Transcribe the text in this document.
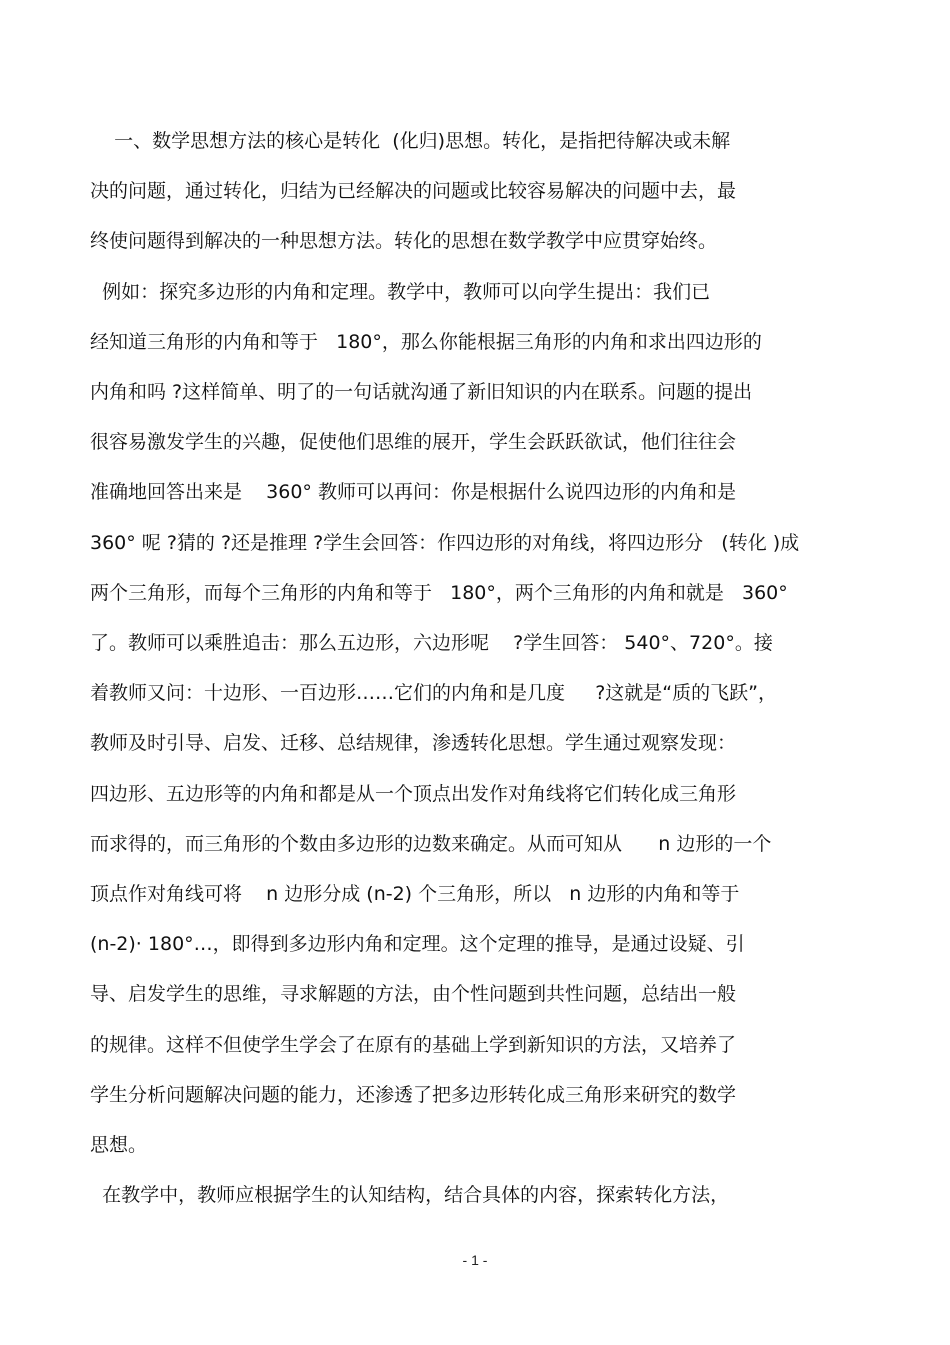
一、数学思想方法的核心是转化  (化归)思想。转化，是指把待解决或未解
决的问题，通过转化，归结为已经解决的问题或比较容易解决的问题中去，最
终使问题得到解决的一种思想方法。转化的思想在数学教学中应贯穿始终。
例如：探究多边形的内角和定理。教学中，教师可以向学生提出：我们已
经知道三角形的内角和等于   180°，那么你能根据三角形的内角和求出四边形的
内角和吗 ?这样简单、明了的一句话就沟通了新旧知识的内在联系。问题的提出
很容易激发学生的兴趣，促使他们思维的展开，学生会跃跃欲试，他们往往会
准确地回答出来是    360° 教师可以再问：你是根据什么说四边形的内角和是
360° 呢 ?猜的 ?还是推理 ?学生会回答：作四边形的对角线，将四边形分   (转化 )成
两个三角形，而每个三角形的内角和等于   180°，两个三角形的内角和就是   360°
了。教师可以乘胜追击：那么五边形，六边形呢    ?学生回答： 540°、720°。接
着教师又问：十边形、一百边形……它们的内角和是几度     ?这就是“质的飞跃”，
教师及时引导、启发、迁移、总结规律，渗透转化思想。学生通过观察发现：
四边形、五边形等的内角和都是从一个顶点出发作对角线将它们转化成三角形
而求得的，而三角形的个数由多边形的边数来确定。从而可知从      n 边形的一个
顶点作对角线可将    n 边形分成 (n-2) 个三角形，所以   n 边形的内角和等于
(n-2)· 180°…，即得到多边形内角和定理。这个定理的推导，是通过设疑、引
导、启发学生的思维，寻求解题的方法，由个性问题到共性问题，总结出一般
的规律。这样不但使学生学会了在原有的基础上学到新知识的方法，又培养了
学生分析问题解决问题的能力，还渗透了把多边形转化成三角形来研究的数学
思想。
在教学中，教师应根据学生的认知结构，结合具体的内容，探索转化方法，
- 1 -
